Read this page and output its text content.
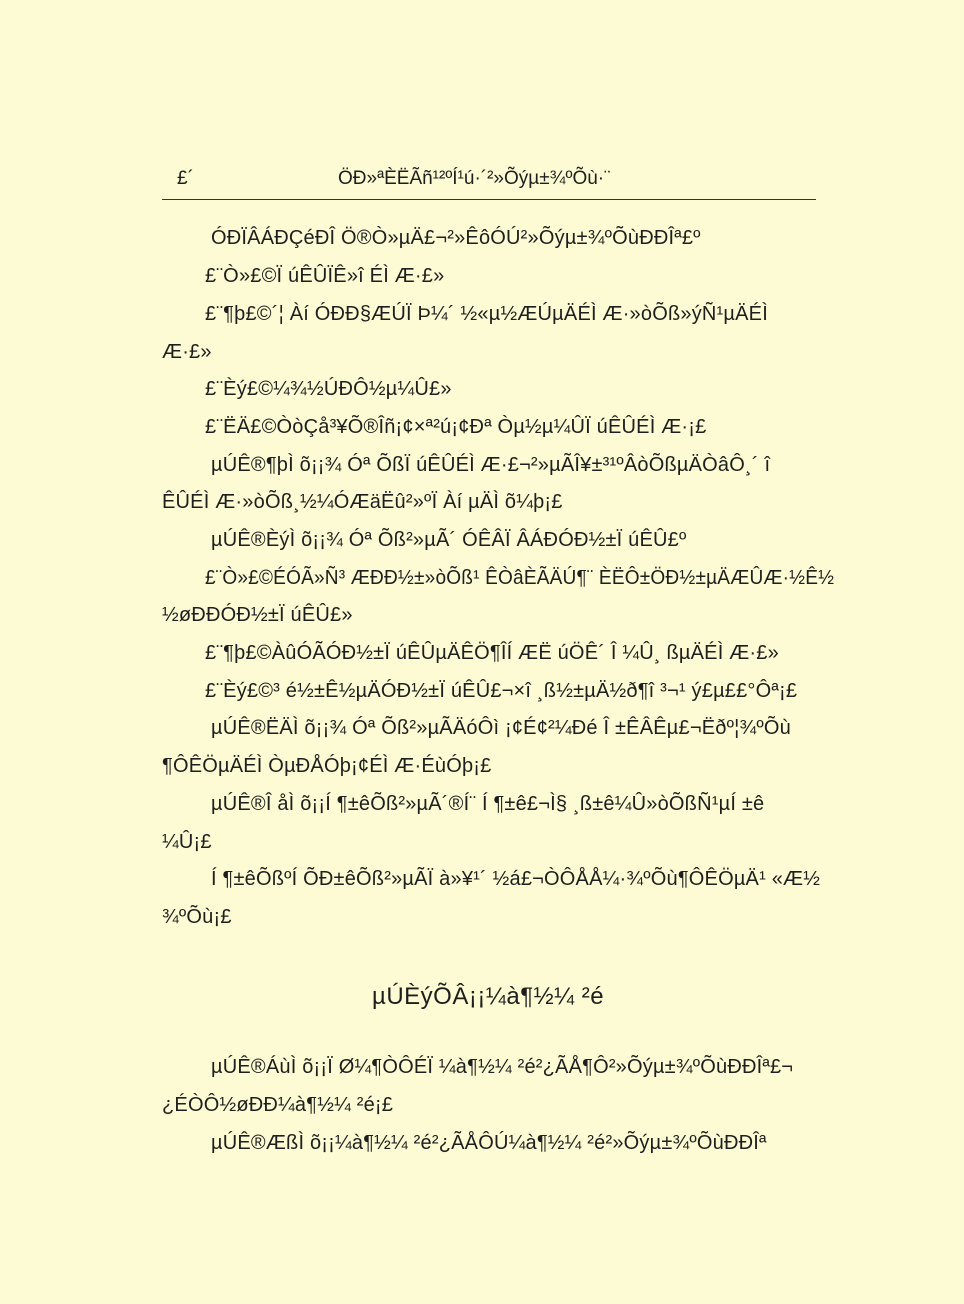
£´	ÖÐ»ªÈËÃñ¹²ºÍ¹ú·´²»Õýµ±¾ºÕù·¨
ÓÐÏÂÁÐÇéÐÎ Ö®Ò»µÄ£¬²»ÊôÓÚ²»Õýµ±¾ºÕùÐÐÎª£º
£¨Ò»£©Ï úÊÛÏÊ»î ÉÌ Æ·£»
£¨¶þ£©´¦ Àí ÓÐÐ§ÆÚÏ Þ¼´ ½«µ½ÆÚµÄÉÌ Æ·»òÕß»ýÑ¹µÄÉÌ
Æ·£»
£¨Èý£©¼¾½ÚÐÔ½µ¼Û£»
£¨ËÄ£©ÒòÇå³¥Õ®Îñ¡¢×ª²ú¡¢Ðª Òµ½µ¼ÛÏ úÊÛÉÌ Æ·¡£
µÚÊ®¶þÌ õ¡¡¾ Óª ÕßÏ úÊÛÉÌ Æ·£¬²»µÃÎ¥±³¹ºÂòÕßµÄÒâÔ¸´ î
ÊÛÉÌ Æ·»òÕß¸½¼ÓÆäËû²»ºÏ Àí µÄÌ õ¼þ¡£
µÚÊ®ÈýÌ õ¡¡¾ Óª Õß²»µÃ´ ÓÊÂÏ ÂÁÐÓÐ½±Ï úÊÛ£º
£¨Ò»£©ÉÓÃ»Ñ³ ÆÐÐ½±»òÕß¹ ÊÒâÈÃÄÚ¶¨ ÈËÔ±ÖÐ½±µÄÆÛÆ·½Ê½
½øÐÐÓÐ½±Ï úÊÛ£»
£¨¶þ£©ÀûÓÃÓÐ½±Ï úÊÛµÄÊÖ¶ÎÍ ÆË úÖÊ´ Î ¼Û¸ ßµÄÉÌ Æ·£»
£¨Èý£©³ é½±Ê½µÄÓÐ½±Ï úÊÛ£¬×î ¸ß½±µÄ½ð¶î ³¬¹ ý£µ££°Ôª¡£
µÚÊ®ËÄÌ õ¡¡¾ Óª Õß²»µÃÄóÔì ¡¢É¢²¼Ðé Î ±ÊÂÊµ£¬Ëðº¦¾ºÕù
¶ÔÊÖµÄÉÌ ÒµÐÅÓþ¡¢ÉÌ Æ·ÉùÓþ¡£
µÚÊ®Î åÌ õ¡¡Í ¶±êÕß²»µÃ´®Í¨ Í ¶±ê£¬Ì§ ¸ß±ê¼Û»òÕßÑ¹µÍ ±ê
¼Û¡£
Í ¶±êÕßºÍ ÕÐ±êÕß²»µÃÏ à»¥¹´ ½á£¬ÒÔÅÅ¼·¾ºÕù¶ÔÊÖµÄ¹ «Æ½
¾ºÕù¡£
µÚÈýÕÂ¡¡¼à¶½¼ ²é
µÚÊ®ÁùÌ õ¡¡Ï Ø¼¶ÒÔÉÏ ¼à¶½¼ ²é²¿ÃÅ¶Ô²»Õýµ±¾ºÕùÐÐÎª£¬
¿ÉÒÔ½øÐÐ¼à¶½¼ ²é¡£
µÚÊ®ÆßÌ õ¡¡¼à¶½¼ ²é²¿ÃÅÔÚ¼à¶½¼ ²é²»Õýµ±¾ºÕùÐÐÎª
